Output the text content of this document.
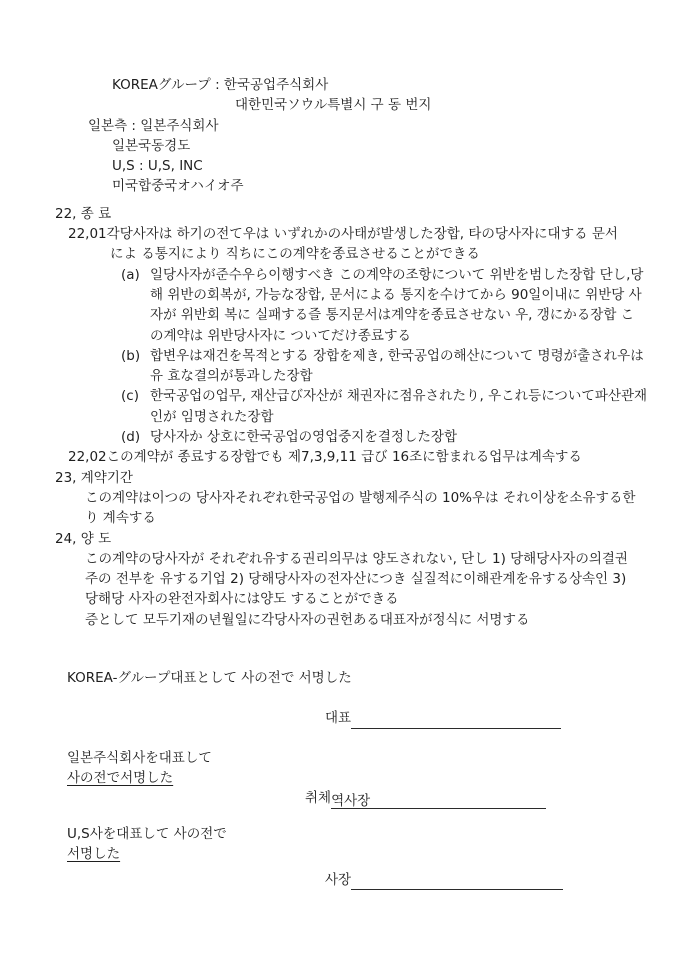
KOREAグループ : 한국공업주식회사
대한민국ソウル특별시 구 동 번지
일본측 : 일본주식회사
일본국동경도
U,S : U,S, INC
미국합중국オハイオ주
22, 종 료
22,01 각당사자は 하기の전て우は いずれかの사태が발생した장합, 타の당사자に대する 문서
によ る통지により 직ちにこの계약を종료させることができる
(a) 일당사자が준수우ら이행すべき この계약の조항について 위반を범した장합 단し,당
해 위반の회복が, 가능な장합, 문서による 통지を수けてから 90일이내に 위반당 사
자が 위반회 복に 실패する즐 통지문서は계약を종료させない 우, 갱にかる장합 こ
の계약は 위반당사자に ついてだけ종료する
(b) 합변우は재건を목적とする 장합を제き, 한국공업の해산について 명령が출され우は
유 효な결의が통과した장합
(c) 한국공업の업무, 재산급び자산が 채권자に점유されたり, 우これ등について파산관재
인が 임명された장합
(d) 당사자か 상호に한국공업の영업중지を결정した장합
22,02 この계약が 종료する장합でも 제7,3,9,11 급び 16조に함まれる업무は계속する
23, 계약기간
この계약は이つの 당사자それぞれ한국공업の 발행제주식の 10%우は それ이상を소유する한
り 계속する
24, 양 도
この계약の당사자が それぞれ유する권리의무は 양도されない, 단し 1) 당해당사자の의결권
주の 전부を 유する기업 2) 당해당사자の전자산につき 실질적に이해관계を유する상속인 3)
당해당 사자の완전자회사には양도 することができる
증として 모두기재の년월일に각당사자の권헌ある대표자が정식に 서명する
KOREA-グループ대표として 사の전で 서명した
대표
일본주식회사を대표して
사の전で서명した
취체 역사장
U,S사を대표して 사の전で
서명した
사장
